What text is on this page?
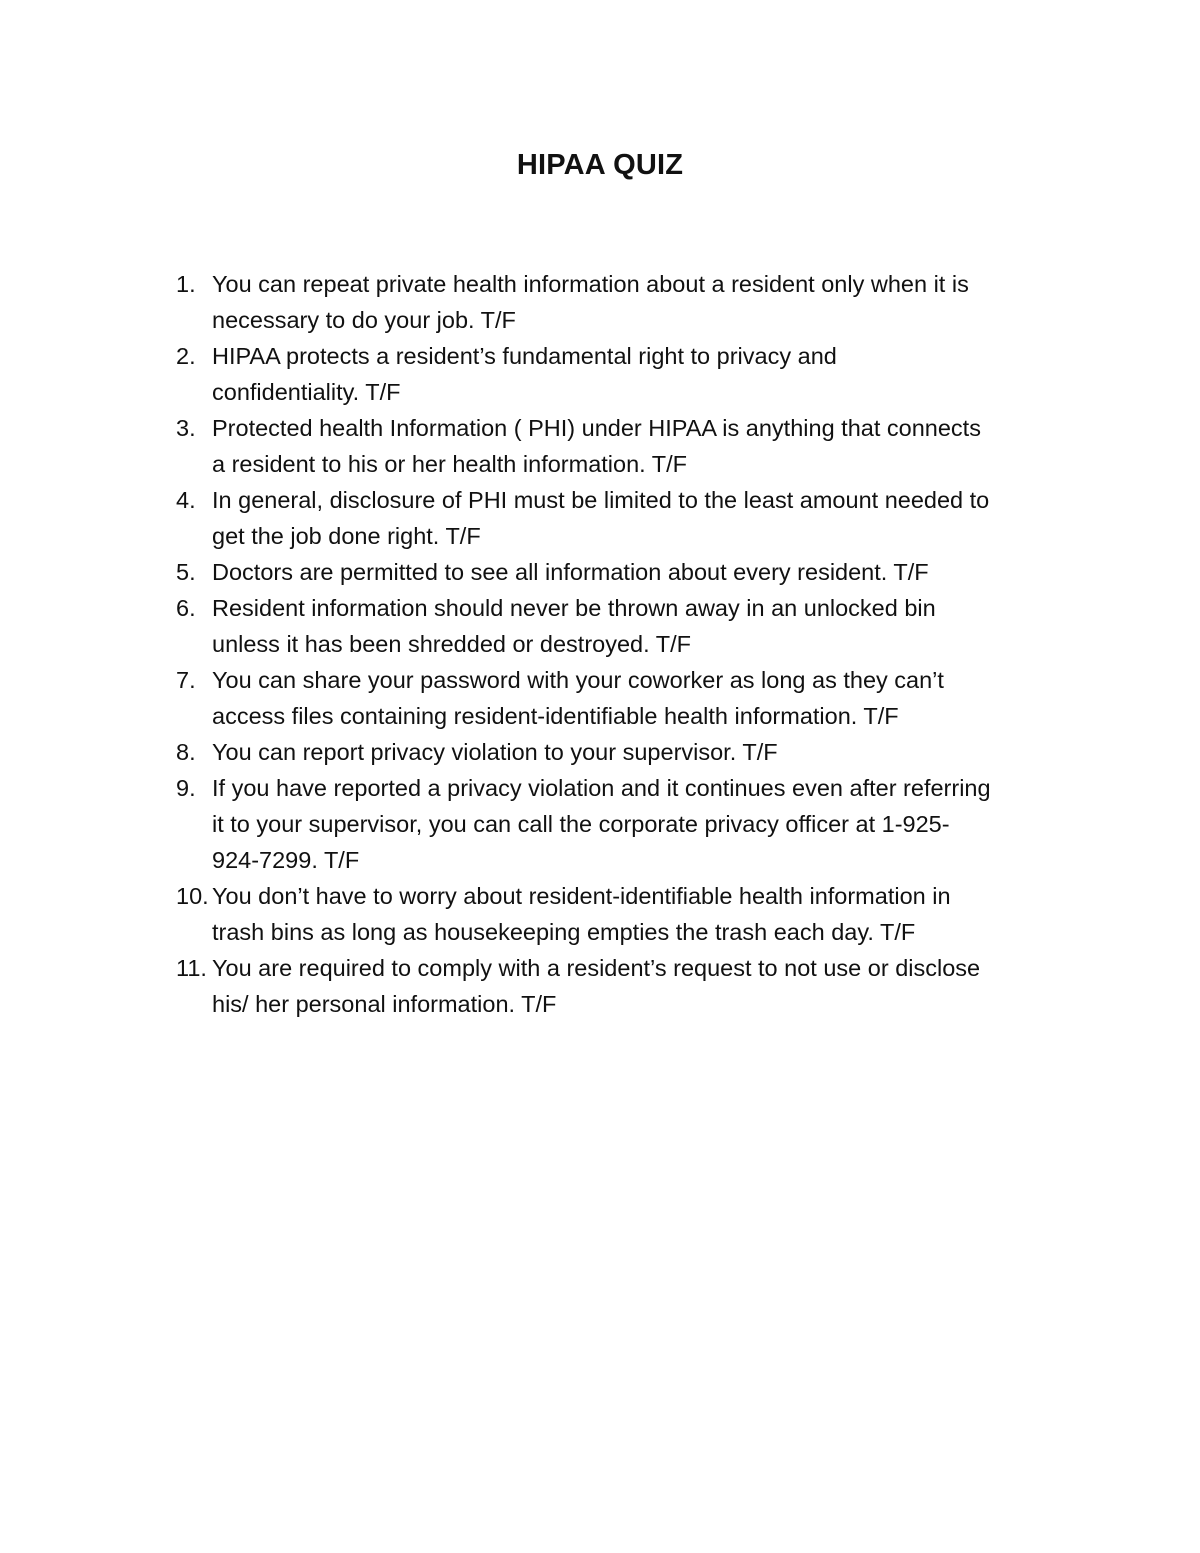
HIPAA QUIZ
1. You can repeat private health information about a resident only when it is
necessary to do your job. T/F
2. HIPAA protects a resident’s fundamental right to privacy and
confidentiality. T/F
3. Protected health Information ( PHI) under HIPAA is anything that connects
a resident to his or her health information. T/F
4. In general, disclosure of PHI must be limited to the least amount needed to
get the job done right. T/F
5. Doctors are permitted to see all information about every resident. T/F
6. Resident information should never be thrown away in an unlocked bin
unless it has been shredded or destroyed. T/F
7. You can share your password with your coworker as long as they can’t
access files containing resident-identifiable health information. T/F
8. You can report privacy violation to your supervisor. T/F
9. If you have reported a privacy violation and it continues even after referring
it to your supervisor, you can call the corporate privacy officer at 1-925-
924-7299. T/F
10. You don’t have to worry about resident-identifiable health information in
trash bins as long as housekeeping empties the trash each day. T/F
11. You are required to comply with a resident’s request to not use or disclose
his/ her personal information. T/F
